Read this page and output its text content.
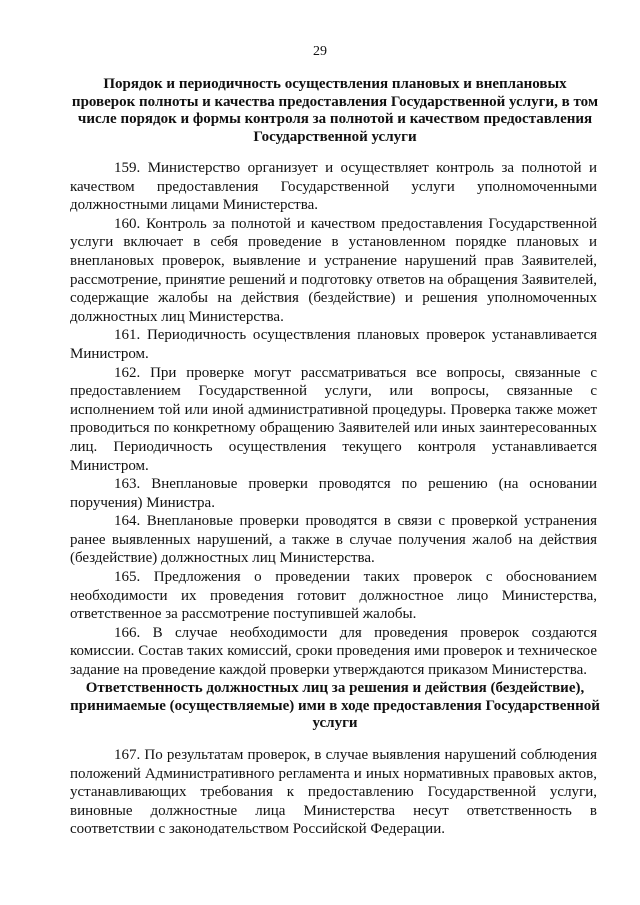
29
Порядок и периодичность осуществления плановых и внеплановых проверок полноты и качества предоставления Государственной услуги, в том числе порядок и формы контроля за полнотой и качеством предоставления Государственной услуги

159. Министерство организует и осуществляет контроль за полнотой и качеством предоставления Государственной услуги уполномоченными должностными лицами Министерства.

160. Контроль за полнотой и качеством предоставления Государственной услуги включает в себя проведение в установленном порядке плановых и внеплановых проверок, выявление и устранение нарушений прав Заявителей, рассмотрение, принятие решений и подготовку ответов на обращения Заявителей, содержащие жалобы на действия (бездействие) и решения уполномоченных должностных лиц Министерства.

161. Периодичность осуществления плановых проверок устанавливается Министром.

162. При проверке могут рассматриваться все вопросы, связанные с предоставлением Государственной услуги, или вопросы, связанные с исполнением той или иной административной процедуры. Проверка также может проводиться по конкретному обращению Заявителей или иных заинтересованных лиц. Периодичность осуществления текущего контроля устанавливается Министром.

163. Внеплановые проверки проводятся по решению (на основании поручения) Министра.

164. Внеплановые проверки проводятся в связи с проверкой устранения ранее выявленных нарушений, а также в случае получения жалоб на действия (бездействие) должностных лиц Министерства.

165. Предложения о проведении таких проверок с обоснованием необходимости их проведения готовит должностное лицо Министерства, ответственное за рассмотрение поступившей жалобы.

166. В случае необходимости для проведения проверок создаются комиссии. Состав таких комиссий, сроки проведения ими проверок и техническое задание на проведение каждой проверки утверждаются приказом Министерства.

Ответственность должностных лиц за решения и действия (бездействие), принимаемые (осуществляемые) ими в ходе предоставления Государственной услуги

167. По результатам проверок, в случае выявления нарушений соблюдения положений Административного регламента и иных нормативных правовых актов, устанавливающих требования к предоставлению Государственной услуги, виновные должностные лица Министерства несут ответственность в соответствии с законодательством Российской Федерации.
